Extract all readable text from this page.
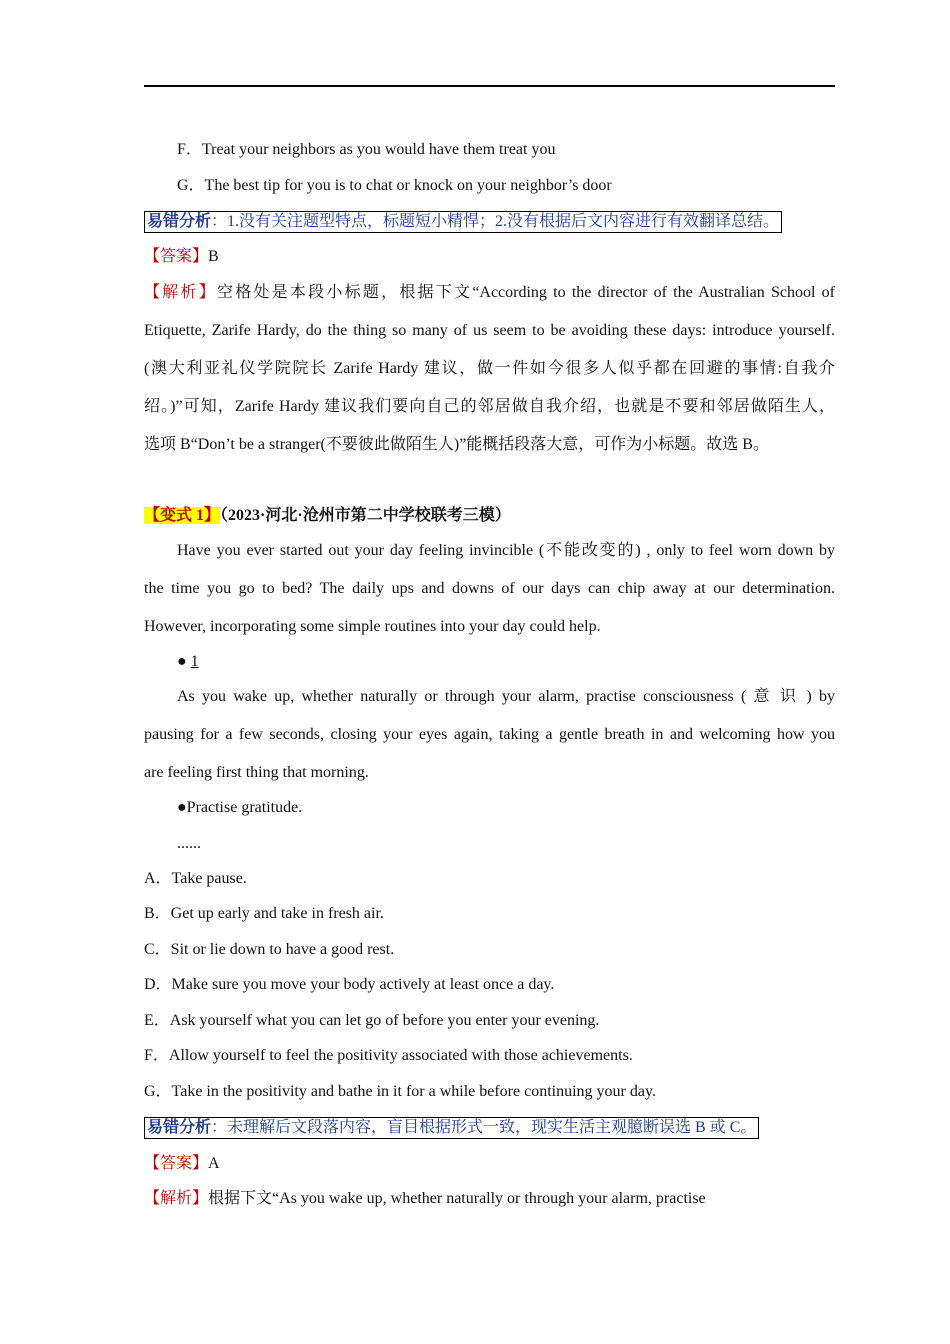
F．Treat your neighbors as you would have them treat you
G．The best tip for you is to chat or knock on your neighbor’s door
易错分析：1.没有关注题型特点，标题短小精悍；2.没有根据后文内容进行有效翻译总结。
【答案】B
【解析】空格处是本段小标题，根据下文“According to the director of the Australian School of
Etiquette, Zarife Hardy, do the thing so many of us seem to be avoiding these days: introduce yourself.
(澳大利亚礼仪学院院长 Zarife Hardy 建议，做一件如今很多人似乎都在回避的事情:自我介
绍。)”可知，Zarife Hardy 建议我们要向自己的邻居做自我介绍，也就是不要和邻居做陌生人，
选项 B“Don’t be a stranger(不要彼此做陌生人)”能概括段落大意，可作为小标题。故选 B。
【变式 1】（2023·河北·沧州市第二中学校联考三模）
Have you ever started out your day feeling invincible (不能改变的) , only to feel worn down by
the time you go to bed? The daily ups and downs of our days can chip away at our determination.
However, incorporating some simple routines into your day could help.
● 1
As you wake up, whether naturally or through your alarm, practise consciousness ( 意 识 ) by
pausing for a few seconds, closing your eyes again, taking a gentle breath in and welcoming how you
are feeling first thing that morning.
●Practise gratitude.
......
A．Take pause.
B．Get up early and take in fresh air.
C．Sit or lie down to have a good rest.
D．Make sure you move your body actively at least once a day.
E．Ask yourself what you can let go of before you enter your evening.
F．Allow yourself to feel the positivity associated with those achievements.
G．Take in the positivity and bathe in it for a while before continuing your day.
易错分析：未理解后文段落内容，盲目根据形式一致，现实生活主观臆断误选 B 或 C。
【答案】A
【解析】根据下文“As you wake up, whether naturally or through your alarm, practise
